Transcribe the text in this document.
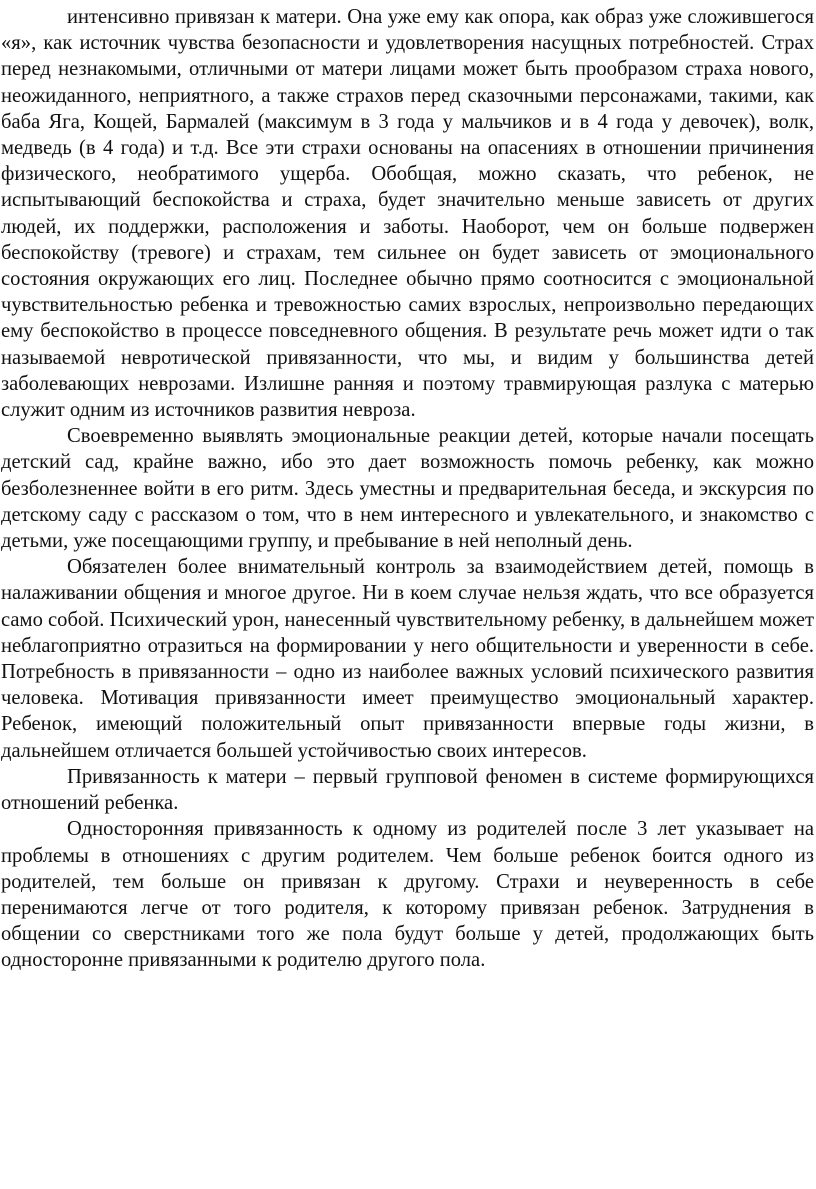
интенсивно привязан к матери. Она уже ему как опора, как образ уже сложившегося «я», как источник чувства безопасности и удовлетворения насущных потребностей. Страх перед незнакомыми, отличными от матери лицами может быть прообразом страха нового, неожиданного, неприятного, а также страхов перед сказочными персонажами, такими, как баба Яга, Кощей, Бармалей (максимум в 3 года у мальчиков и в 4 года у девочек), волк, медведь (в 4 года) и т.д. Все эти страхи основаны на опасениях в отношении причинения физического, необратимого ущерба. Обобщая, можно сказать, что ребенок, не испытывающий беспокойства и страха, будет значительно меньше зависеть от других людей, их поддержки, расположения и заботы. Наоборот, чем он больше подвержен беспокойству (тревоге) и страхам, тем сильнее он будет зависеть от эмоционального состояния окружающих его лиц. Последнее обычно прямо соотносится с эмоциональной чувствительностью ребенка и тревожностью самих взрослых, непроизвольно передающих ему беспокойство в процессе повседневного общения. В результате речь может идти о так называемой невротической привязанности, что мы, и видим у большинства детей заболевающих неврозами. Излишне ранняя и поэтому травмирующая разлука с матерью служит одним из источников развития невроза.

Своевременно выявлять эмоциональные реакции детей, которые начали посещать детский сад, крайне важно, ибо это дает возможность помочь ребенку, как можно безболезненнее войти в его ритм. Здесь уместны и предварительная беседа, и экскурсия по детскому саду с рассказом о том, что в нем интересного и увлекательного, и знакомство с детьми, уже посещающими группу, и пребывание в ней неполный день.

Обязателен более внимательный контроль за взаимодействием детей, помощь в налаживании общения и многое другое. Ни в коем случае нельзя ждать, что все образуется само собой. Психический урон, нанесенный чувствительному ребенку, в дальнейшем может неблагоприятно отразиться на формировании у него общительности и уверенности в себе. Потребность в привязанности – одно из наиболее важных условий психического развития человека. Мотивация привязанности имеет преимущество эмоциональный характер. Ребенок, имеющий положительный опыт привязанности впервые годы жизни, в дальнейшем отличается большей устойчивостью своих интересов.

Привязанность к матери – первый групповой феномен в системе формирующихся отношений ребенка.

Односторонняя привязанность к одному из родителей после 3 лет указывает на проблемы в отношениях с другим родителем. Чем больше ребенок боится одного из родителей, тем больше он привязан к другому. Страхи и неуверенность в себе перенимаются легче от того родителя, к которому привязан ребенок. Затруднения в общении со сверстниками того же пола будут больше у детей, продолжающих быть односторонне привязанными к родителю другого пола.
